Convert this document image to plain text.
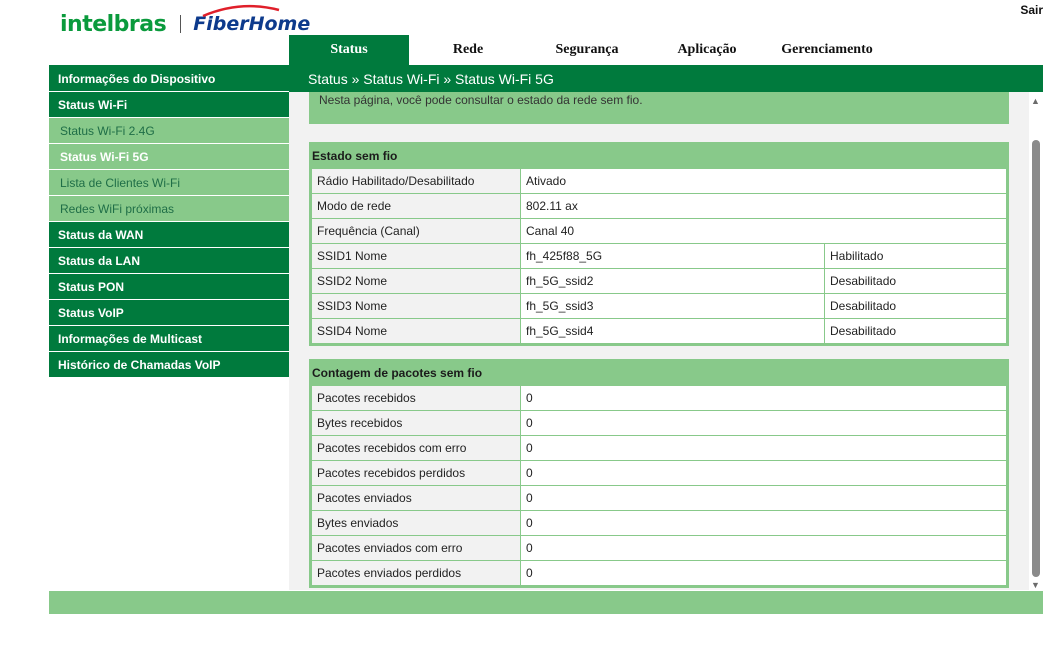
intelbras FiberHome
Sair
Status	Rede	Segurança	Aplicação	Gerenciamento
Status » Status Wi-Fi » Status Wi-Fi 5G
Informações do Dispositivo
Status Wi-Fi
Status Wi-Fi 2.4G
Status Wi-Fi 5G
Lista de Clientes Wi-Fi
Redes WiFi próximas
Status da WAN
Status da LAN
Status PON
Status VoIP
Informações de Multicast
Histórico de Chamadas VoIP
Nesta página, você pode consultar o estado da rede sem fio.
Estado sem fio
Rádio Habilitado/Desabilitado	Ativado	
Modo de rede	802.11 ax	
Frequência (Canal)	Canal 40	
SSID1 Nome	fh_425f88_5G	Habilitado
SSID2 Nome	fh_5G_ssid2	Desabilitado
SSID3 Nome	fh_5G_ssid3	Desabilitado
SSID4 Nome	fh_5G_ssid4	Desabilitado
Contagem de pacotes sem fio
Pacotes recebidos	0
Bytes recebidos	0
Pacotes recebidos com erro	0
Pacotes recebidos perdidos	0
Pacotes enviados	0
Bytes enviados	0
Pacotes enviados com erro	0
Pacotes enviados perdidos	0
▲
▼
